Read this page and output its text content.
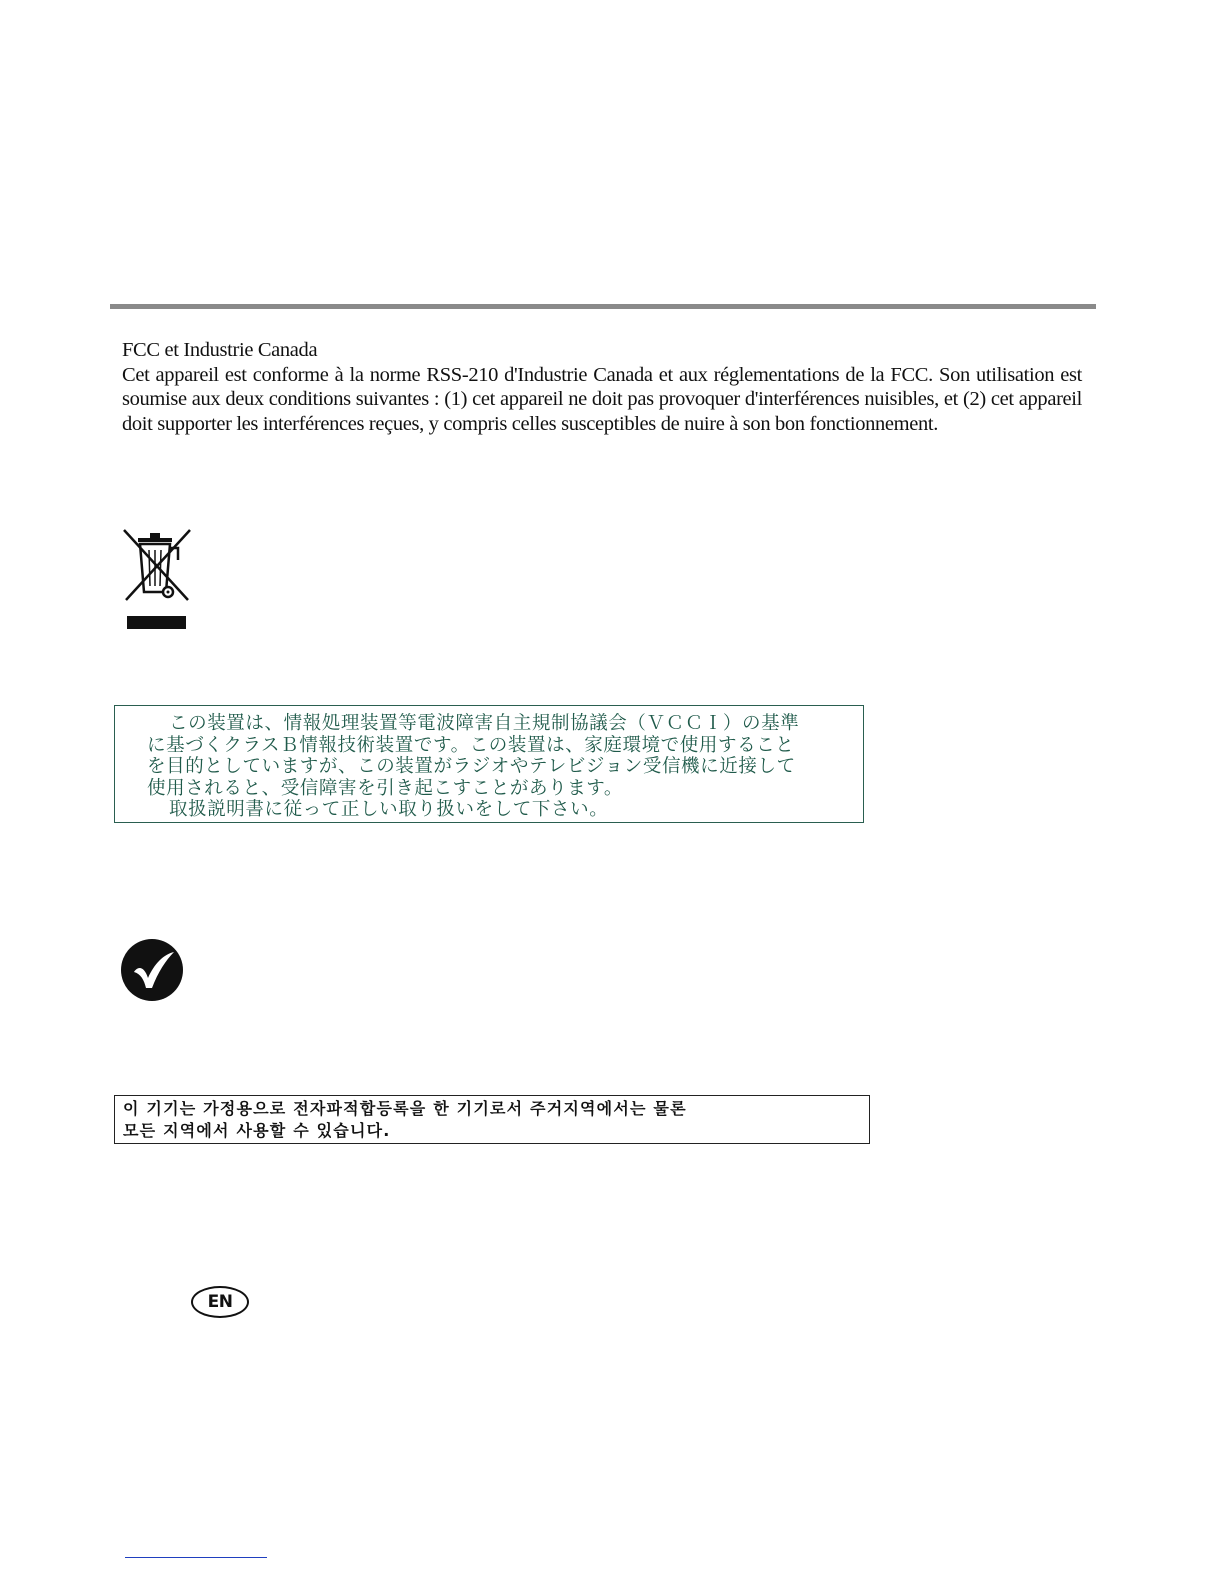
FCC et Industrie Canada
Cet appareil est conforme à la norme RSS-210 d'Industrie Canada et aux réglementations de la FCC. Son utilisation est soumise aux deux conditions suivantes : (1) cet appareil ne doit pas provoquer d'interférences nuisibles, et (2) cet appareil doit supporter les interférences reçues, y compris celles susceptibles de nuire à son bon fonctionnement.
この装置は、情報処理装置等電波障害自主規制協議会（ＶＣＣＩ）の基準
に基づくクラスＢ情報技術装置です。この装置は、家庭環境で使用すること
を目的としていますが、この装置がラジオやテレビジョン受信機に近接して
使用されると、受信障害を引き起こすことがあります。
取扱説明書に従って正しい取り扱いをして下さい。
이 기기는 가정용으로 전자파적합등록을 한 기기로서 주거지역에서는 물론
모든 지역에서 사용할 수 있습니다.
EN
